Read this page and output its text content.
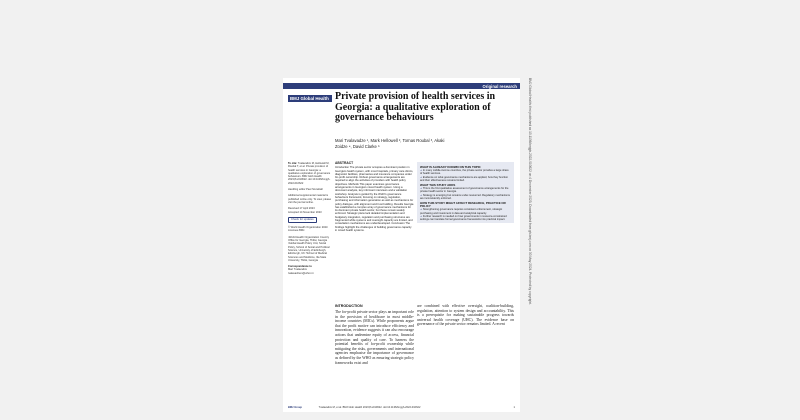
Original research
BMJ Global Health Private provision of health services in Georgia: a qualitative exploration of governance behaviours
Mari Tvalavadze ¹, Mark Hellowell ², Tornas Roubal ³, Akaki Zoidze ⁴, David Clarke ⁵
To cite: Tvalavadze M, Hellowell M, Roubal T, et al. Private provision of health services in Georgia: a qualitative exploration of governance behaviours. BMJ Glob Health 2023;8:e010622. doi:10.1136/bmjgh-2022-010622
Handling editor Paul Snowball
Additional supplemental material is published online only. To view, please visit the journal online.
Received 17 April 2023
Accepted 14 November 2023
Check for updates
© World Health Organization 2023. Licensee BMJ.
¹World Health Organization Country Office for Georgia, Tbilisi, Georgia ²Global Health Policy Unit, Social Policy, School of Social and Political Science, University of Edinburgh, Edinburgh, UK ³School of Medical Sciences and Medicine, Ilia State University, Tbilisi, Georgia
Correspondence to
Mari Tvalavadze tvalavadzem@who.int
ABSTRACT

Introduction The private sector occupies a dominant position in Georgia's health system, with most hospitals, primary care clinics, diagnostic facilities, pharmacies and insurance companies under for-profit ownership. Robust governance arrangements are required to align the activities of providers with health policy objectives. Methods This paper examines governance arrangements in Georgia's mixed health system. Using a document analysis, key informant interviews and a validation workshop. Analysis is guided by the WHO's governance behaviours framework, focusing on strategy, regulation, purchasing and information generation as well as mechanisms for policy dialogue, with alignment and trust building. Results Georgia has established a complex array of governance mechanisms for its dominant private health sector, but these remain weakly enforced. Strategic plans lack detailed implementation and budgetary integration, regulation and purchasing structures are fragmented while systems and oversight capacity are limited, and consultation mechanisms are underdeveloped. Conclusion The findings highlight the challenges of building governance capacity in mixed health systems.

WHAT IS ALREADY KNOWN ON THIS TOPIC
⇒ In many middle-income countries, the private sector provides a large share of health services.
⇒ Evidence on what governance mechanisms are applied, how they function and their effectiveness remains limited.
WHAT THIS STUDY ADDS
⇒ This is the first qualitative assessment of governance arrangements for the private health sector in Georgia.
⇒ Strategy is emerging but remains under-resourced. Regulatory mechanisms are inconsistently enforced.
HOW THIS STUDY MIGHT AFFECT RESEARCH, PRACTICE OR POLICY
⇒ Strengthening governance requires consistent enforcement, strategic purchasing and investment in data and analytical capacity.
⇒ Further research is needed on how governments in resource-constrained settings can translate formal governance frameworks into practical impact.
INTRODUCTION
The for-profit private sector plays an important role in the provision of healthcare in most middle-income countries (MICs). While proponents argue that the profit motive can introduce efficiency and innovation, evidence suggests it can also encourage actions that undermine equity of access, financial protection and quality of care. To harness the potential benefits of for-profit ownership while mitigating the risks, governments and international agencies emphasise the importance of governance as defined by the WHO as ensuring strategic policy frameworks exist and
are combined with effective oversight, coalition-building, regulation, attention to system design and accountability. This is a prerequisite for making sustainable progress towards universal health coverage (UHC). The evidence base on governance of the private sector remains limited. A recent
BMJ Group	Tvalavadze M, et al. BMJ Glob Health 2023;8:e010622. doi:10.1136/bmjgh-2022-010622	1
BMJ Global Health: first published as 10.1136/bmjgh-2022-010622 on 4 December 2023. Downloaded from gh.bmj.com on 30 May 2024. Protected by copyright.
